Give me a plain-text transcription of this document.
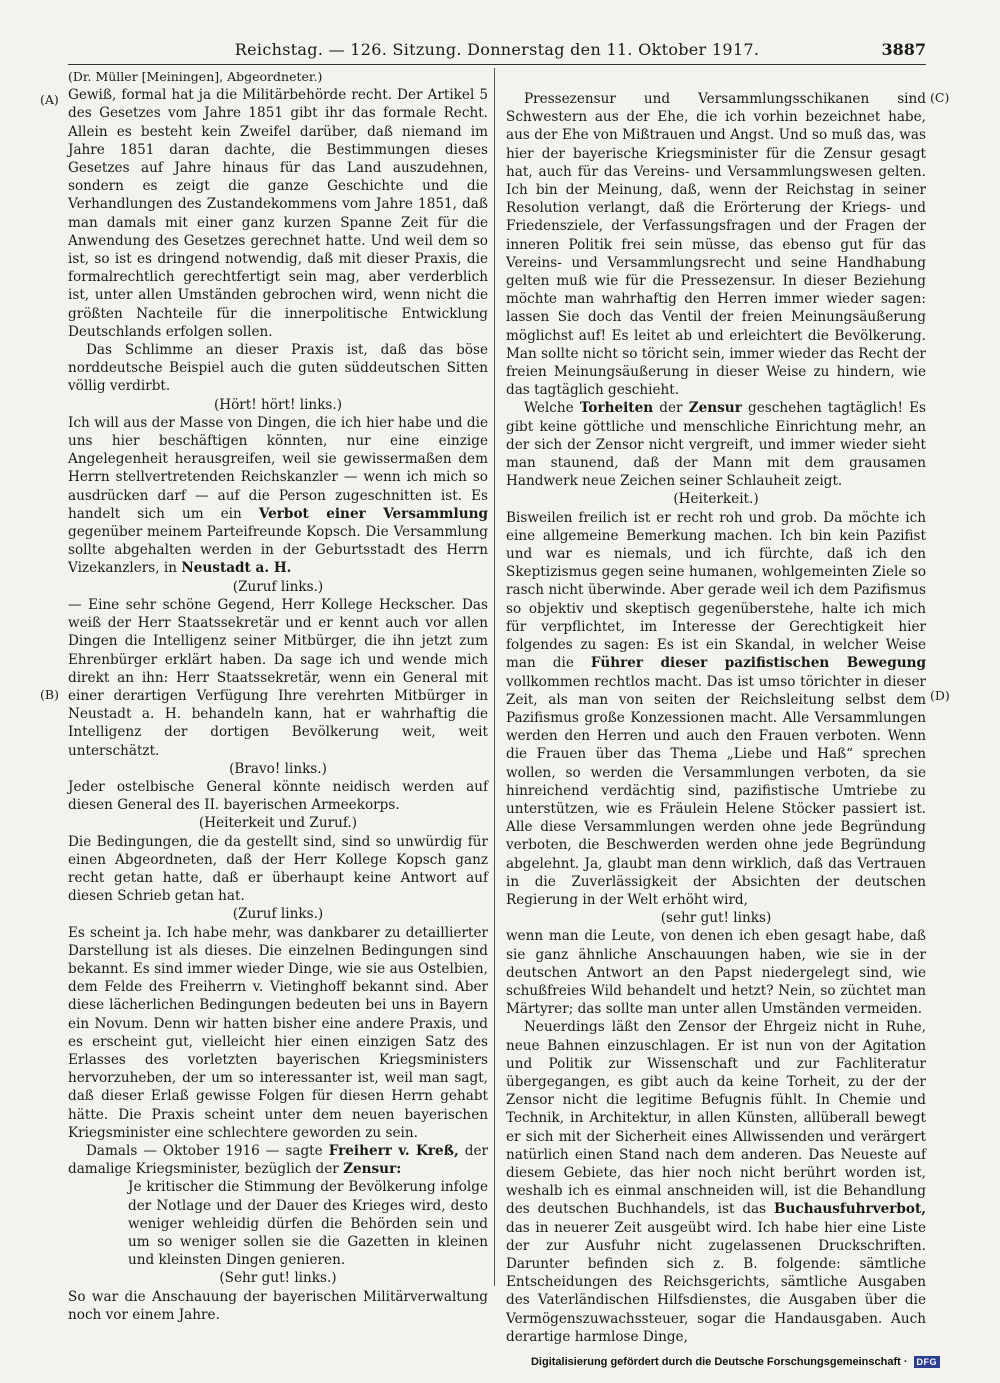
Reichstag. — 126. Sitzung. Donnerstag den 11. Oktober 1917.	3887
(A)
(B)
(C)
(D)

(Dr. Müller [Meiningen], Abgeordneter.)

Gewiß, formal hat ja die Militärbehörde recht. Der Artikel 5 des Gesetzes vom Jahre 1851 gibt ihr das formale Recht. Allein es besteht kein Zweifel darüber, daß niemand im Jahre 1851 daran dachte, die Bestimmungen dieses Gesetzes auf Jahre hinaus für das Land auszudehnen, sondern es zeigt die ganze Geschichte und die Verhandlungen des Zustandekommens vom Jahre 1851, daß man damals mit einer ganz kurzen Spanne Zeit für die Anwendung des Gesetzes gerechnet hatte. Und weil dem so ist, so ist es dringend notwendig, daß mit dieser Praxis, die formalrechtlich gerechtfertigt sein mag, aber verderblich ist, unter allen Umständen gebrochen wird, wenn nicht die größten Nachteile für die innerpolitische Entwicklung Deutschlands erfolgen sollen.

Das Schlimme an dieser Praxis ist, daß das böse norddeutsche Beispiel auch die guten süddeutschen Sitten völlig verdirbt.

(Hört! hört! links.)

Ich will aus der Masse von Dingen, die ich hier habe und die uns hier beschäftigen könnten, nur eine einzige Angelegenheit herausgreifen, weil sie gewissermaßen dem Herrn stellvertretenden Reichskanzler — wenn ich mich so ausdrücken darf — auf die Person zugeschnitten ist. Es handelt sich um ein Verbot einer Versammlung gegenüber meinem Parteifreunde Kopsch. Die Versammlung sollte abgehalten werden in der Geburtsstadt des Herrn Vizekanzlers, in Neustadt a. H.

(Zuruf links.)

— Eine sehr schöne Gegend, Herr Kollege Heckscher. Das weiß der Herr Staatssekretär und er kennt auch vor allen Dingen die Intelligenz seiner Mitbürger, die ihn jetzt zum Ehrenbürger erklärt haben. Da sage ich und wende mich direkt an ihn: Herr Staatssekretär, wenn ein General mit einer derartigen Verfügung Ihre verehrten Mitbürger in Neustadt a. H. behandeln kann, hat er wahrhaftig die Intelligenz der dortigen Bevölkerung weit, weit unterschätzt.

(Bravo! links.)

Jeder ostelbische General könnte neidisch werden auf diesen General des II. bayerischen Armeekorps.

(Heiterkeit und Zuruf.)

Die Bedingungen, die da gestellt sind, sind so unwürdig für einen Abgeordneten, daß der Herr Kollege Kopsch ganz recht getan hatte, daß er überhaupt keine Antwort auf diesen Schrieb getan hat.

(Zuruf links.)

Es scheint ja. Ich habe mehr, was dankbarer zu detaillierter Darstellung ist als dieses. Die einzelnen Bedingungen sind bekannt. Es sind immer wieder Dinge, wie sie aus Ostelbien, dem Felde des Freiherrn v. Vietinghoff bekannt sind. Aber diese lächerlichen Bedingungen bedeuten bei uns in Bayern ein Novum. Denn wir hatten bisher eine andere Praxis, und es erscheint gut, vielleicht hier einen einzigen Satz des Erlasses des vorletzten bayerischen Kriegsministers hervorzuheben, der um so interessanter ist, weil man sagt, daß dieser Erlaß gewisse Folgen für diesen Herrn gehabt hätte. Die Praxis scheint unter dem neuen bayerischen Kriegsminister eine schlechtere geworden zu sein.

Damals — Oktober 1916 — sagte Freiherr v. Kreß, der damalige Kriegsminister, bezüglich der Zensur:

Je kritischer die Stimmung der Bevölkerung infolge der Notlage und der Dauer des Krieges wird, desto weniger wehleidig dürfen die Behörden sein und um so weniger sollen sie die Gazetten in kleinen und kleinsten Dingen genieren.

(Sehr gut! links.)

So war die Anschauung der bayerischen Militärverwaltung noch vor einem Jahre.

Pressezensur und Versammlungsschikanen sind Schwestern aus der Ehe, die ich vorhin bezeichnet habe, aus der Ehe von Mißtrauen und Angst. Und so muß das, was hier der bayerische Kriegsminister für die Zensur gesagt hat, auch für das Vereins- und Versammlungswesen gelten. Ich bin der Meinung, daß, wenn der Reichstag in seiner Resolution verlangt, daß die Erörterung der Kriegs- und Friedensziele, der Verfassungsfragen und der Fragen der inneren Politik frei sein müsse, das ebenso gut für das Vereins- und Versammlungsrecht und seine Handhabung gelten muß wie für die Pressezensur. In dieser Beziehung möchte man wahrhaftig den Herren immer wieder sagen: lassen Sie doch das Ventil der freien Meinungsäußerung möglichst auf! Es leitet ab und erleichtert die Bevölkerung. Man sollte nicht so töricht sein, immer wieder das Recht der freien Meinungsäußerung in dieser Weise zu hindern, wie das tagtäglich geschieht.

Welche Torheiten der Zensur geschehen tagtäglich! Es gibt keine göttliche und menschliche Einrichtung mehr, an der sich der Zensor nicht vergreift, und immer wieder sieht man staunend, daß der Mann mit dem grausamen Handwerk neue Zeichen seiner Schlauheit zeigt.

(Heiterkeit.)

Bisweilen freilich ist er recht roh und grob. Da möchte ich eine allgemeine Bemerkung machen. Ich bin kein Pazifist und war es niemals, und ich fürchte, daß ich den Skeptizismus gegen seine humanen, wohlgemeinten Ziele so rasch nicht überwinde. Aber gerade weil ich dem Pazifismus so objektiv und skeptisch gegenüberstehe, halte ich mich für verpflichtet, im Interesse der Gerechtigkeit hier folgendes zu sagen: Es ist ein Skandal, in welcher Weise man die Führer dieser pazifistischen Bewegung vollkommen rechtlos macht. Das ist umso törichter in dieser Zeit, als man von seiten der Reichsleitung selbst dem Pazifismus große Konzessionen macht. Alle Versammlungen werden den Herren und auch den Frauen verboten. Wenn die Frauen über das Thema „Liebe und Haß“ sprechen wollen, so werden die Versammlungen verboten, da sie hinreichend verdächtig sind, pazifistische Umtriebe zu unterstützen, wie es Fräulein Helene Stöcker passiert ist. Alle diese Versammlungen werden ohne jede Begründung verboten, die Beschwerden werden ohne jede Begründung abgelehnt. Ja, glaubt man denn wirklich, daß das Vertrauen in die Zuverlässigkeit der Absichten der deutschen Regierung in der Welt erhöht wird,

(sehr gut! links)

wenn man die Leute, von denen ich eben gesagt habe, daß sie ganz ähnliche Anschauungen haben, wie sie in der deutschen Antwort an den Papst niedergelegt sind, wie schußfreies Wild behandelt und hetzt? Nein, so züchtet man Märtyrer; das sollte man unter allen Umständen vermeiden.

Neuerdings läßt den Zensor der Ehrgeiz nicht in Ruhe, neue Bahnen einzuschlagen. Er ist nun von der Agitation und Politik zur Wissenschaft und zur Fachliteratur übergegangen, es gibt auch da keine Torheit, zu der der Zensor nicht die legitime Befugnis fühlt. In Chemie und Technik, in Architektur, in allen Künsten, allüberall bewegt er sich mit der Sicherheit eines Allwissenden und verärgert natürlich einen Stand nach dem anderen. Das Neueste auf diesem Gebiete, das hier noch nicht berührt worden ist, weshalb ich es einmal anschneiden will, ist die Behandlung des deutschen Buchhandels, ist das Buchausfuhrverbot, das in neuerer Zeit ausgeübt wird. Ich habe hier eine Liste der zur Ausfuhr nicht zugelassenen Druckschriften. Darunter befinden sich z. B. folgende: sämtliche Entscheidungen des Reichsgerichts, sämtliche Ausgaben des Vaterländischen Hilfsdienstes, die Ausgaben über die Vermögenszuwachssteuer, sogar die Handausgaben. Auch derartige harmlose Dinge,

Digitalisierung gefördert durch die Deutsche Forschungsgemeinschaft ·	DFG
